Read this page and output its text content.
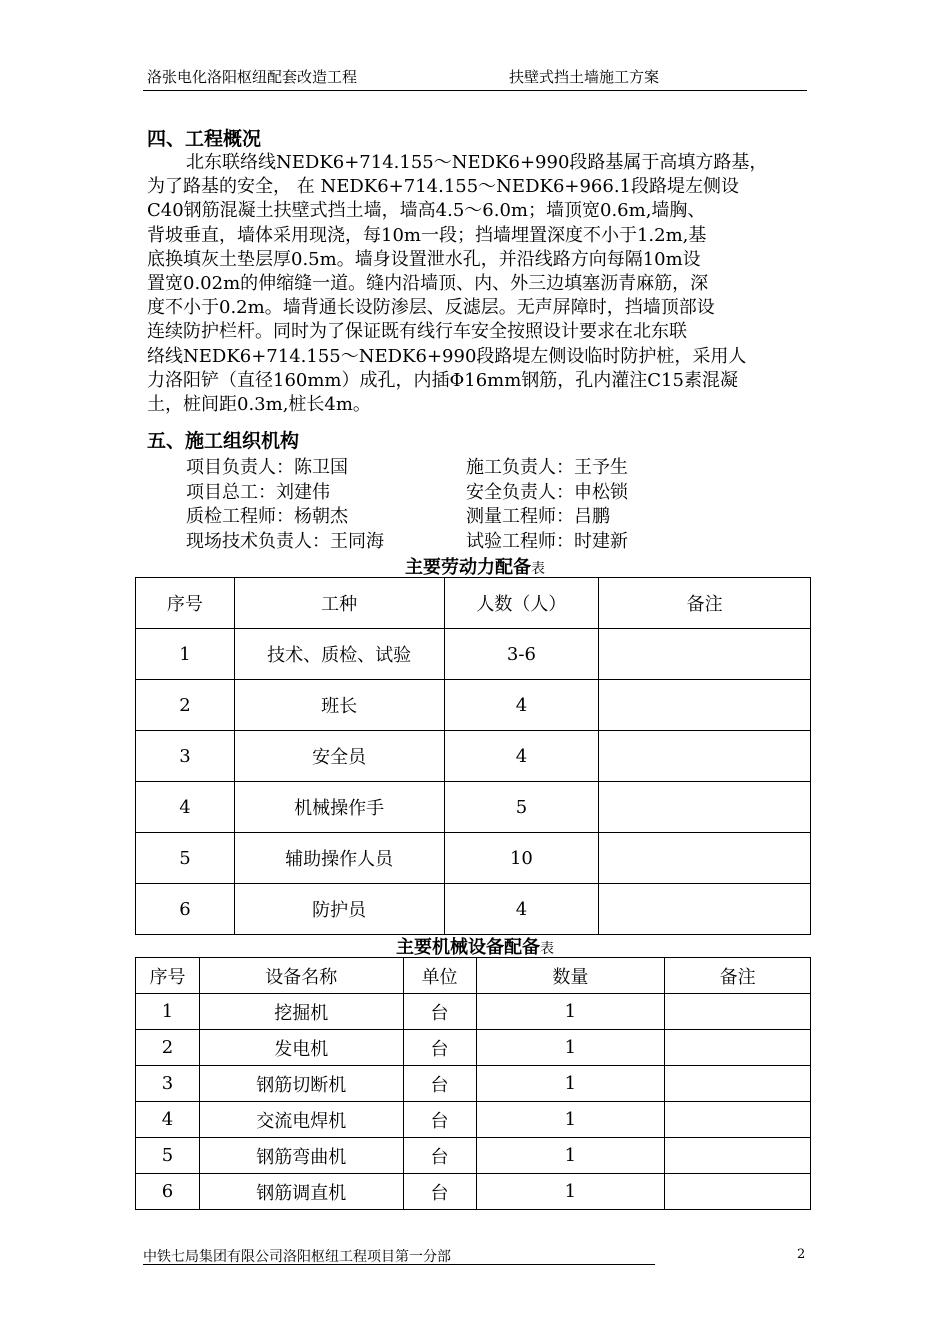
洛张电化洛阳枢纽配套改造工程	扶壁式挡土墙施工方案
四、工程概况
北东联络线NEDK6+714.155～NEDK6+990段路基属于高填方路基，
为了路基的安全， 在 NEDK6+714.155～NEDK6+966.1段路堤左侧设
C40钢筋混凝土扶壁式挡土墙，墙高4.5～6.0m；墙顶宽0.6m,墙胸、
背坡垂直，墙体采用现浇，每10m一段；挡墙埋置深度不小于1.2m,基
底换填灰土垫层厚0.5m。墙身设置泄水孔，并沿线路方向每隔10m设
置宽0.02m的伸缩缝一道。缝内沿墙顶、内、外三边填塞沥青麻筋，深
度不小于0.2m。墙背通长设防渗层、反滤层。无声屏障时，挡墙顶部设
连续防护栏杆。同时为了保证既有线行车安全按照设计要求在北东联
络线NEDK6+714.155～NEDK6+990段路堤左侧设临时防护桩，采用人
力洛阳铲（直径160mm）成孔，内插Φ16mm钢筋，孔内灌注C15素混凝
土，桩间距0.3m,桩长4m。
五、施工组织机构
项目负责人：陈卫国	施工负责人：王予生
项目总工：刘建伟	安全负责人：申松锁
质检工程师：杨朝杰	测量工程师：吕鹏
现场技术负责人：王同海	试验工程师：时建新
主要劳动力配备表
序号	工种	人数（人）	备注
1	技术、质检、试验	3-6	
2	班长	4	
3	安全员	4	
4	机械操作手	5	
5	辅助操作人员	10	
6	防护员	4	
主要机械设备配备表
序号	设备名称	单位	数量	备注
1	挖掘机	台	1	
2	发电机	台	1	
3	钢筋切断机	台	1	
4	交流电焊机	台	1	
5	钢筋弯曲机	台	1	
6	钢筋调直机	台	1	
中铁七局集团有限公司洛阳枢纽工程项目第一分部	2
